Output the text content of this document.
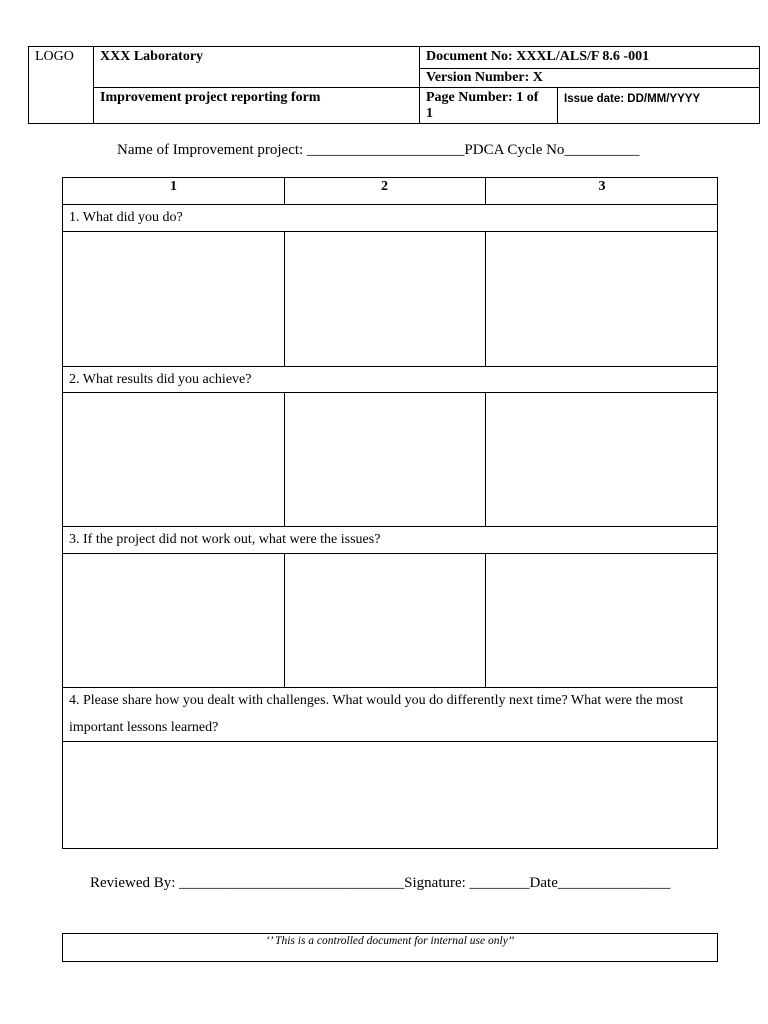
LOGO XXX Laboratory
Improvement project reporting form
Document No: XXXL/ALS/F 8.6 -001
Version Number: X
Page Number: 1 of
1
Issue date: DD/MM/YYYY
Name of Improvement project: _____________________PDCA Cycle No__________
1	2	3
1. What did you do?
2. What results did you achieve?
3. If the project did not work out, what were the issues?
4. Please share how you dealt with challenges. What would you do differently next time? What were the most important lessons learned?
Reviewed By: ______________________________Signature: ________Date_______________
‘’ This is a controlled document for internal use only’’
